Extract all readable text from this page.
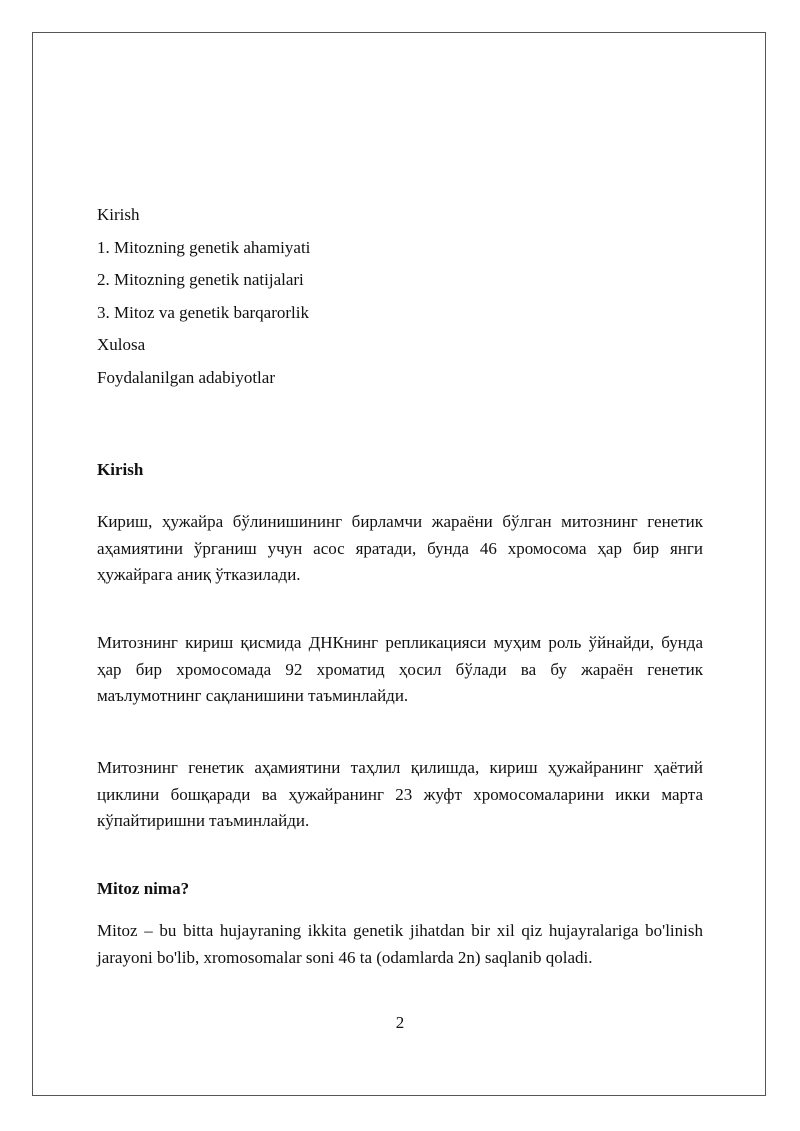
Kirish
1. Mitozning genetik ahamiyati
2. Mitozning genetik natijalari
3. Mitoz va genetik barqarorlik
Xulosa
Foydalanilgan adabiyotlar
Kirish

Кириш, ҳужайра бўлинишининг бирламчи жараёни бўлган митознинг генетик аҳамиятини ўрганиш учун асос яратади, бунда 46 хромосома ҳар бир янги ҳужайрага аниқ ўтказилади.

Митознинг кириш қисмида ДНКнинг репликацияси муҳим роль ўйнайди, бунда ҳар бир хромосомада 92 хроматид ҳосил бўлади ва бу жараён генетик маълумотнинг сақланишини таъминлайди.

Митознинг генетик аҳамиятини таҳлил қилишда, кириш ҳужайранинг ҳаётий циклини бошқаради ва ҳужайранинг 23 жуфт хромосомаларини икки марта кўпайтиришни таъминлайди.

Mitoz nima?

Mitoz – bu bitta hujayraning ikkita genetik jihatdan bir xil qiz hujayralariga bo'linish jarayoni bo'lib, xromosomalar soni 46 ta (odamlarda 2n) saqlanib qoladi.

2
